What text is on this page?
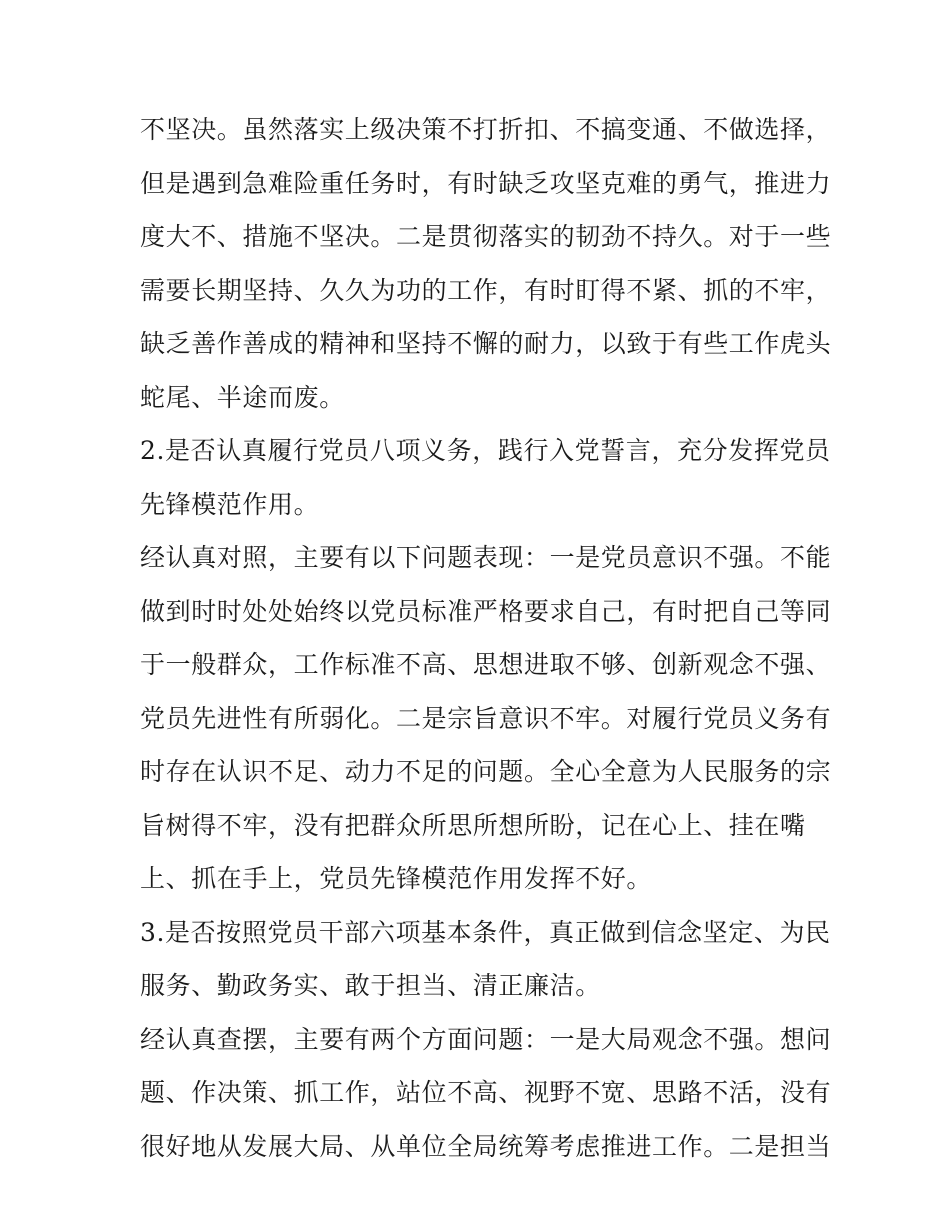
不坚决。虽然落实上级决策不打折扣、不搞变通、不做选择，
但是遇到急难险重任务时，有时缺乏攻坚克难的勇气，推进力
度大不、措施不坚决。二是贯彻落实的韧劲不持久。对于一些
需要长期坚持、久久为功的工作，有时盯得不紧、抓的不牢，
缺乏善作善成的精神和坚持不懈的耐力，以致于有些工作虎头
蛇尾、半途而废。
2.是否认真履行党员八项义务，践行入党誓言，充分发挥党员
先锋模范作用。
经认真对照，主要有以下问题表现：一是党员意识不强。不能
做到时时处处始终以党员标准严格要求自己，有时把自己等同
于一般群众，工作标准不高、思想进取不够、创新观念不强、
党员先进性有所弱化。二是宗旨意识不牢。对履行党员义务有
时存在认识不足、动力不足的问题。全心全意为人民服务的宗
旨树得不牢，没有把群众所思所想所盼，记在心上、挂在嘴
上、抓在手上，党员先锋模范作用发挥不好。
3.是否按照党员干部六项基本条件，真正做到信念坚定、为民
服务、勤政务实、敢于担当、清正廉洁。
经认真查摆，主要有两个方面问题：一是大局观念不强。想问
题、作决策、抓工作，站位不高、视野不宽、思路不活，没有
很好地从发展大局、从单位全局统筹考虑推进工作。二是担当
